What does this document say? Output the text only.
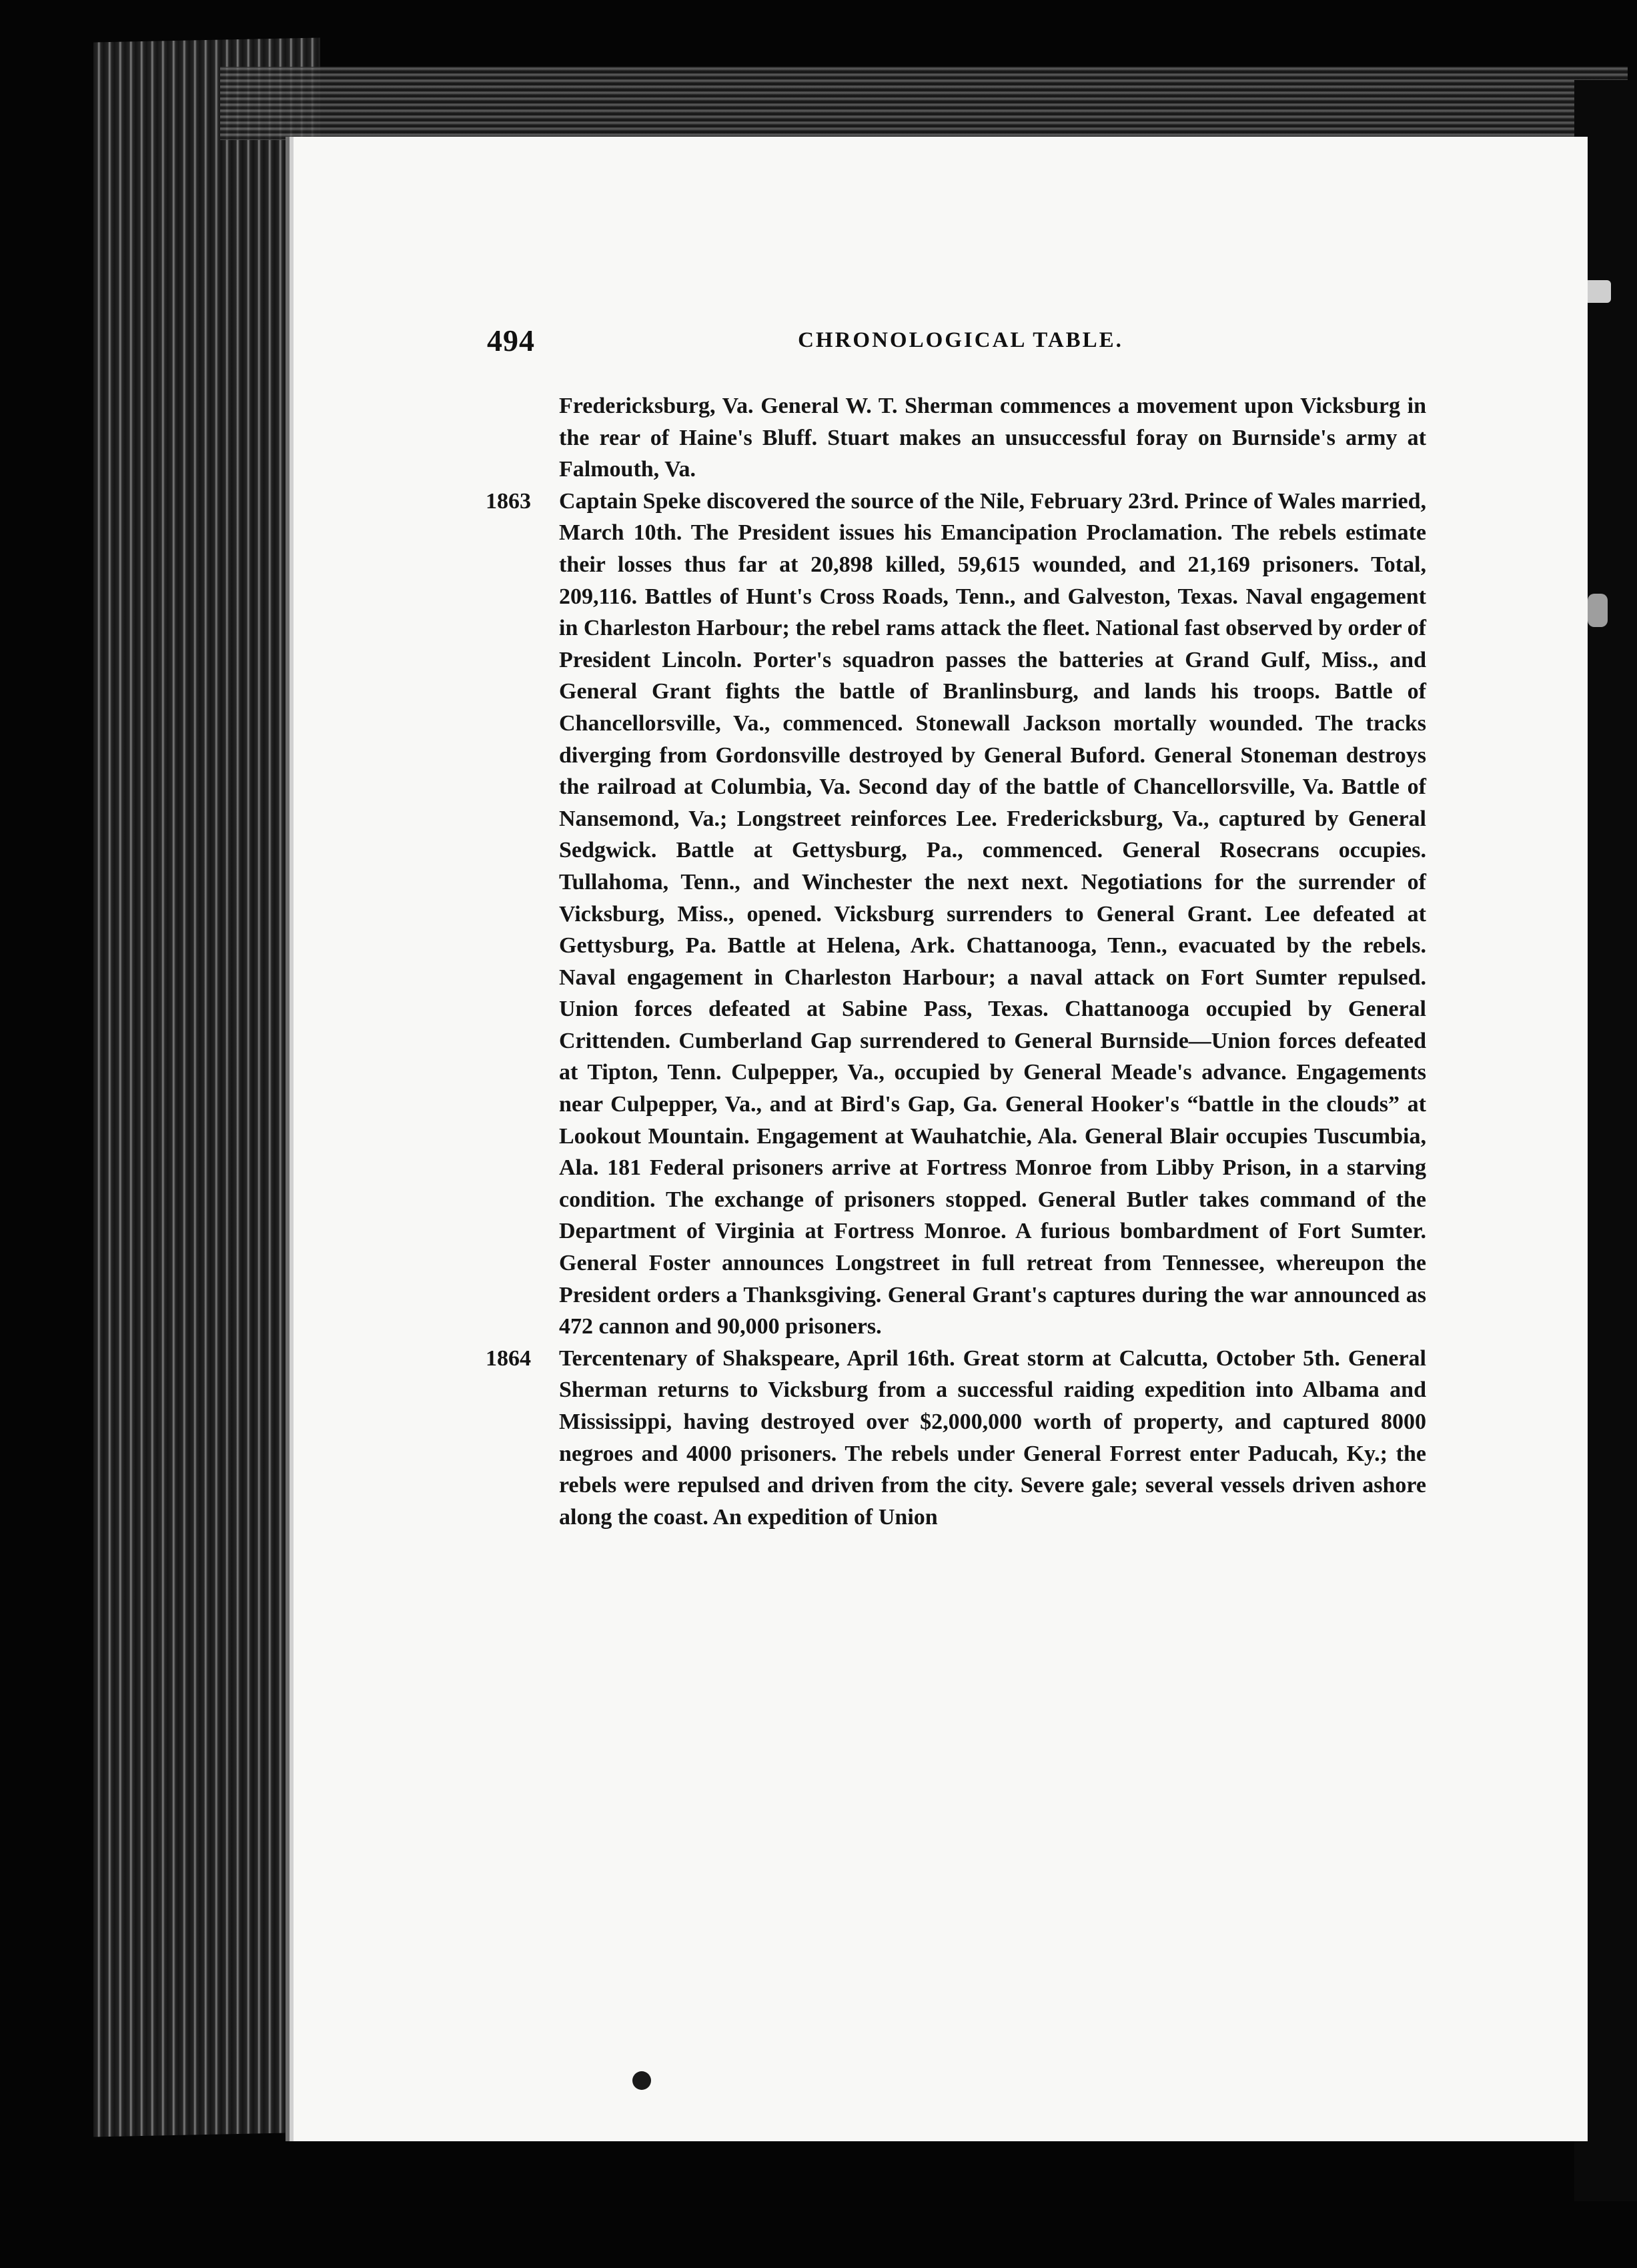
494	CHRONOLOGICAL TABLE.

Fredericksburg, Va. General W. T. Sherman commences a movement upon Vicksburg in the rear of Haine's Bluff. Stuart makes an unsuccessful foray on Burnside's army at Falmouth, Va.

1863	Captain Speke discovered the source of the Nile, February 23rd. Prince of Wales married, March 10th. The President issues his Emancipation Proclamation. The rebels estimate their losses thus far at 20,898 killed, 59,615 wounded, and 21,169 prisoners. Total, 209,116. Battles of Hunt's Cross Roads, Tenn., and Galveston, Texas. Naval engagement in Charleston Harbour; the rebel rams attack the fleet. National fast observed by order of President Lincoln. Porter's squadron passes the batteries at Grand Gulf, Miss., and General Grant fights the battle of Branlinsburg, and lands his troops. Battle of Chancellorsville, Va., commenced. Stonewall Jackson mortally wounded. The tracks diverging from Gordonsville destroyed by General Buford. General Stoneman destroys the railroad at Columbia, Va. Second day of the battle of Chancellorsville, Va. Battle of Nansemond, Va.; Longstreet reinforces Lee. Fredericksburg, Va., captured by General Sedgwick. Battle at Gettysburg, Pa., commenced. General Rosecrans occupies. Tullahoma, Tenn., and Winchester the next next. Negotiations for the surrender of Vicksburg, Miss., opened. Vicksburg surrenders to General Grant. Lee defeated at Gettysburg, Pa. Battle at Helena, Ark. Chattanooga, Tenn., evacuated by the rebels. Naval engagement in Charleston Harbour; a naval attack on Fort Sumter repulsed. Union forces defeated at Sabine Pass, Texas. Chattanooga occupied by General Crittenden. Cumberland Gap surrendered to General Burnside—Union forces defeated at Tipton, Tenn. Culpepper, Va., occupied by General Meade's advance. Engagements near Culpepper, Va., and at Bird's Gap, Ga. General Hooker's “battle in the clouds” at Lookout Mountain. Engagement at Wauhatchie, Ala. General Blair occupies Tuscumbia, Ala. 181 Federal prisoners arrive at Fortress Monroe from Libby Prison, in a starving condition. The exchange of prisoners stopped. General Butler takes command of the Department of Virginia at Fortress Monroe. A furious bombardment of Fort Sumter. General Foster announces Longstreet in full retreat from Tennessee, whereupon the President orders a Thanksgiving. General Grant's captures during the war announced as 472 cannon and 90,000 prisoners.
1864	Tercentenary of Shakspeare, April 16th. Great storm at Calcutta, October 5th. General Sherman returns to Vicksburg from a successful raiding expedition into Albama and Mississippi, having destroyed over $2,000,000 worth of property, and captured 8000 negroes and 4000 prisoners. The rebels under General Forrest enter Paducah, Ky.; the rebels were repulsed and driven from the city. Severe gale; several vessels driven ashore along the coast. An expedition of Union
